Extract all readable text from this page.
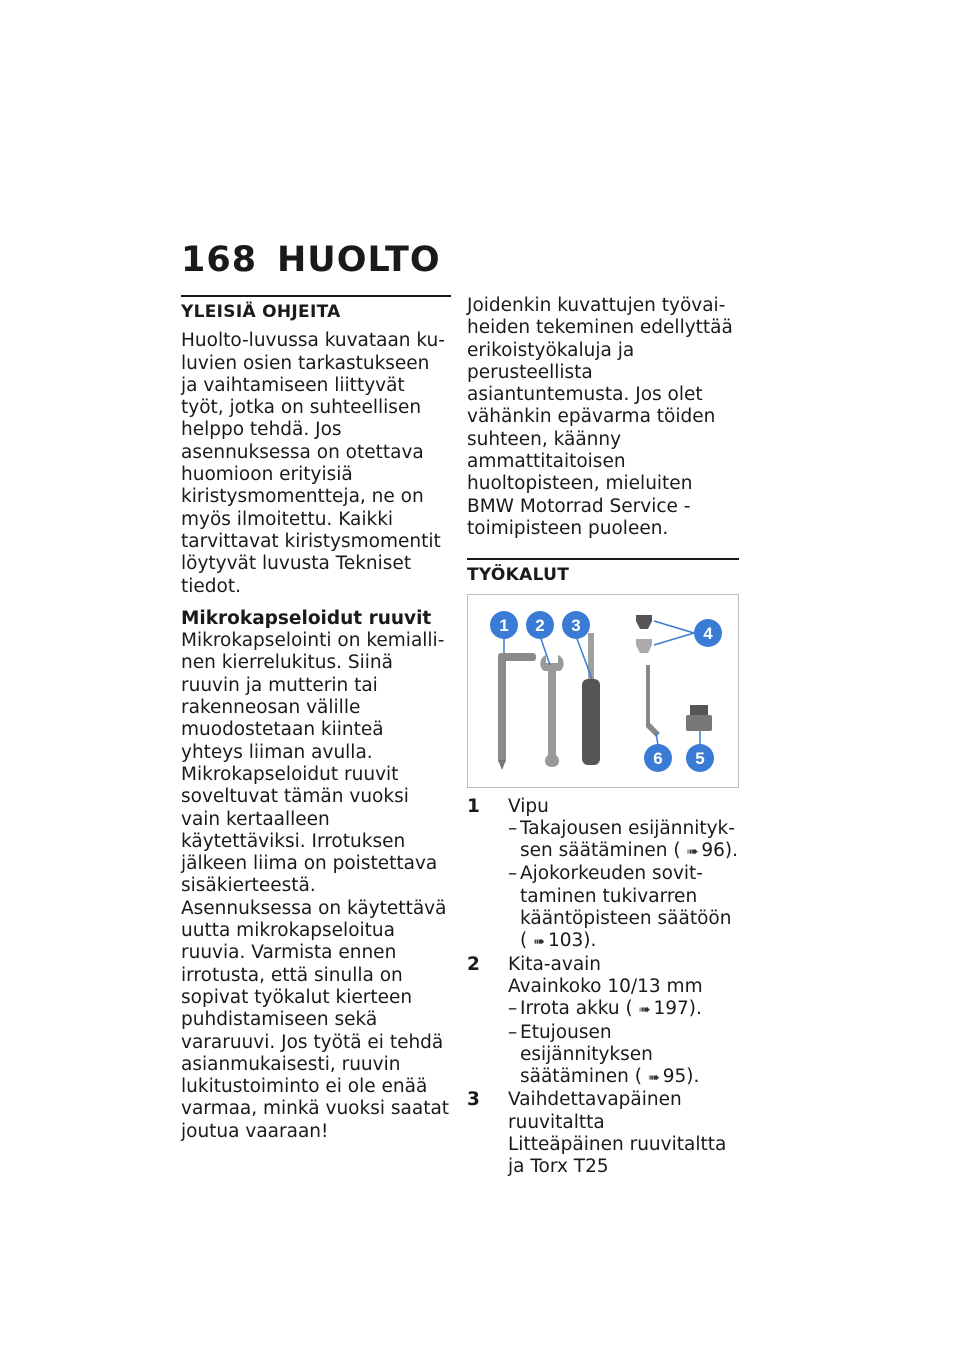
168 HUOLTO
YLEISIÄ OHJEITA

Huolto-luvussa kuvataan kuluvien osien tarkastukseen ja vaihtamiseen liittyvät työt, jotka on suhteellisen helppo tehdä. Jos asennuksessa on otettava huomioon erityisiä kiristysmomentteja, ne on myös ilmoitettu. Kaikki tarvittavat kiristysmomentit löytyvät luvusta Tekniset tiedot.

Mikrokapseloidut ruuvit

Mikrokapselointi on kemiallinen kierrelukitus. Siinä ruuvin ja mutterin tai rakenneosan välille muodostetaan kiinteä yhteys liiman avulla. Mikrokapseloidut ruuvit soveltuvat tämän vuoksi vain kertaalleen käytettäviksi. Irrotuksen jälkeen liima on poistettava sisäkierteestä. Asennuksessa on käytettävä uutta mikrokapseloitua ruuvia. Varmista ennen irrotusta, että sinulla on sopivat työkalut kierteen puhdistamiseen sekä vararuuvi. Jos työtä ei tehdä asianmukaisesti, ruuvin lukitustoiminto ei ole enää varmaa, minkä vuoksi saatat joutua vaaraan!

Joidenkin kuvattujen työvaiheiden tekeminen edellyttää erikoistyökaluja ja perusteellista asiantuntemusta. Jos olet vähänkin epävarma töiden suhteen, käänny ammattitaitoisen huoltopisteen, mieluiten BMW Motorrad Service -toimipisteen puoleen.

TYÖKALUT
1 2 3	4
5
6
1 Vipu
– Takajousen esijännityksen säätäminen ( ➠ 96).
– Ajokorkeuden sovittaminen tukivarren kääntöpisteen säätöön ( ➠ 103).
2 Kita-avain
Avainkoko 10/13 mm
– Irrota akku ( ➠ 197).
– Etujousen esijännityksen säätäminen ( ➠ 95).
3 Vaihdettavapäinen ruuvitaltta
Litteäpäinen ruuvitaltta ja Torx T25
